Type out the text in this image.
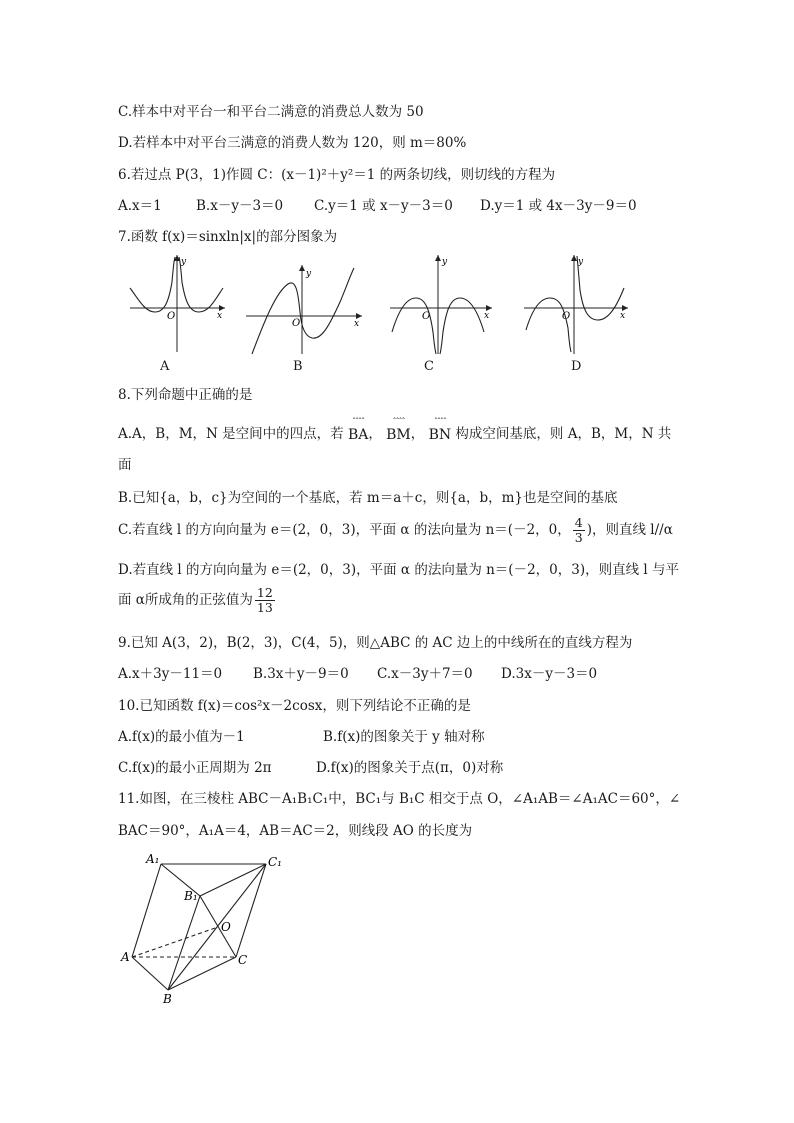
C.样本中对平台一和平台二满意的消费总人数为 50
D.若样本中对平台三满意的消费人数为 120，则 m＝80%
6.若过点 P(3，1)作圆 C：(x－1)²＋y²＝1 的两条切线，则切线的方程为
A.x＝1	B.x－y－3＝0 C.y＝1 或 x－y－3＝0 D.y＝1 或 4x－3y－9＝0
7.函数 f(x)＝sinxln|x|的部分图象为
x
y
O
A
x
y
O
B
x
y
O
C
x
y
O
D
8.下列命题中正确的是
A.A，B，M，N 是空间中的四点，若
ˆˆˆˆ
BA ，
ˆˆˆˆ
BM ，
ˆˆˆˆ
BN 构成空间基底，则 A，B，M，N 共
面
B.已知{a，b，c}为空间的一个基底，若 m＝a＋c，则{a，b，m}也是空间的基底
C.若直线 l 的方向向量为 e＝(2，0，3)，平面 α 的法向量为 n＝(－2，0， $\frac{4}{3}$ )，则直线 l//α
D.若直线 l 的方向向量为 e＝(2，0，3)，平面 α 的法向量为 n＝(－2，0，3)，则直线 l 与平
面 α所成角的正弦值为 $\frac{12}{13}$
9.已知 A(3，2)，B(2，3)，C(4，5)，则△ABC 的 AC 边上的中线所在的直线方程为
A.x＋3y－11＝0 B.3x＋y－9＝0 C.x－3y＋7＝0 D.3x－y－3＝0
10.已知函数 f(x)＝cos²x－2cosx，则下列结论不正确的是
A.f(x)的最小值为－1	B.f(x)的图象关于 y 轴对称
C.f(x)的最小正周期为 2π	D.f(x)的图象关于点(π，0)对称
11.如图，在三棱柱 ABC－A₁B₁C₁中，BC₁与 B₁C 相交于点 O，∠A₁AB＝∠A₁AC＝60°，∠
BAC＝90°，A₁A＝4，AB＝AC＝2，则线段 AO 的长度为
A₁	C₁
B₁
O
A	C
B
